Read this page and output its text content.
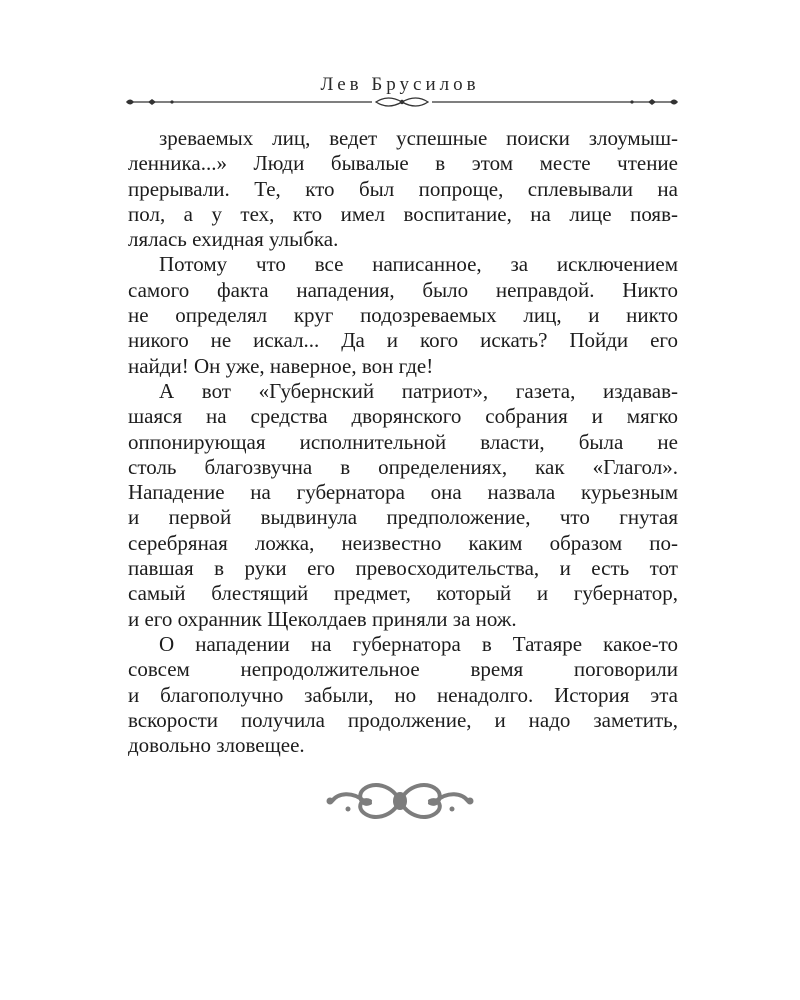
Лев Брусилов
зреваемых лиц, ведет успешные поиски злоумыш-
ленника...» Люди бывалые в этом месте чтение
прерывали. Те, кто был попроще, сплевывали на
пол, а у тех, кто имел воспитание, на лице появ-
лялась ехидная улыбка.
Потому что все написанное, за исключением
самого факта нападения, было неправдой. Никто
не определял круг подозреваемых лиц, и никто
никого не искал... Да и кого искать? Пойди его
найди! Он уже, наверное, вон где!
А вот «Губернский патриот», газета, издавав-
шаяся на средства дворянского собрания и мягко
оппонирующая исполнительной власти, была не
столь благозвучна в определениях, как «Глагол».
Нападение на губернатора она назвала курьезным
и первой выдвинула предположение, что гнутая
серебряная ложка, неизвестно каким образом по-
павшая в руки его превосходительства, и есть тот
самый блестящий предмет, который и губернатор,
и его охранник Щеколдаев приняли за нож.
О нападении на губернатора в Татаяре какое-то
совсем непродолжительное время поговорили
и благополучно забыли, но ненадолго. История эта
вскорости получила продолжение, и надо заметить,
довольно зловещее.
